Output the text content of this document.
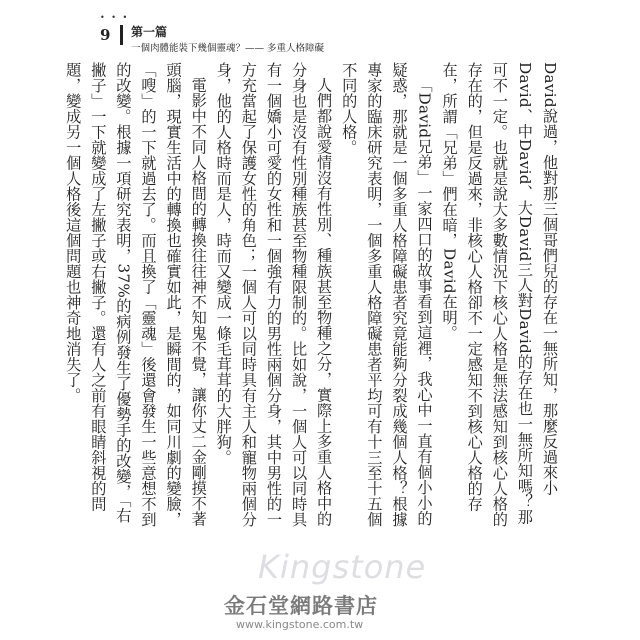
• • •
9 第一篇
一個肉體能裝下幾個靈魂？—— 多重人格障礙

David說過，他對那三個哥們兒的存在一無所知，那麼反過來小David、中David、大David三人對David的存在也一無所知嗎？那可不一定。也就是說大多數情況下核心人格是無法感知到核心人格的存在的，但是反過來，非核心人格卻不一定感知不到核心人格的存在，所謂「兄弟」們在暗，David在明。

「David兄弟」一家四口的故事看到這裡，我心中一直有個小小的疑惑，那就是一個多重人格障礙患者究竟能夠分裂成幾個人格？根據專家的臨床研究表明，一個多重人格障礙患者平均可有十三至十五個不同的人格。

人們都說愛情沒有性別、種族甚至物種之分，實際上多重人格中的分身也是沒有性別種族甚至物種限制的。比如說，一個人可以同時具有一個嬌小可愛的女性和一個強有力的男性兩個分身，其中男性的一方充當起了保護女性的角色；一個人可以同時具有主人和寵物兩個分身，他的人格時而是人，時而又變成一條毛茸茸的大胖狗。

電影中不同人格間的轉換往往神不知鬼不覺，讓你丈二金剛摸不著頭腦，現實生活中的轉換也確實如此，是瞬間的，如同川劇的變臉，「嗖」的一下就過去了。而且換了「靈魂」後還會發生一些意想不到的改變。根據一項研究表明，37%的病例發生了優勢手的改變，「右撇子」一下就變成了左撇子或右撇子。還有人之前有眼睛斜視的問題，變成另一個人格後這個問題也神奇地消失了。

Kingstone
金石堂網路書店
www.kingstone.com.tw
